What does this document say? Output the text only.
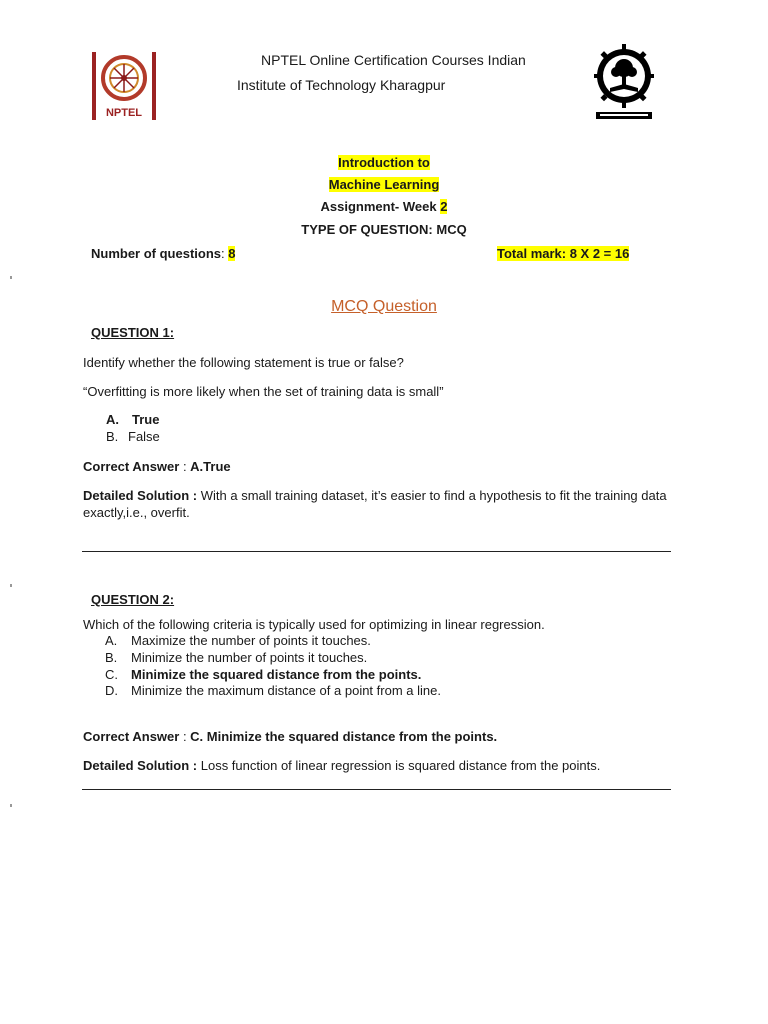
NPTEL
NPTEL Online Certification Courses Indian
Institute of Technology Kharagpur
Introduction to
Machine Learning
Assignment- Week 2
TYPE OF QUESTION: MCQ
Number of questions: 8	Total mark: 8 X 2 = 16
MCQ Question
QUESTION 1:
Identify whether the following statement is true or false?
“Overfitting is more likely when the set of training data is small”
A. True
B. False
Correct Answer : A.True
Detailed Solution : With a small training dataset, it’s easier to find a hypothesis to fit the training data exactly,i.e., overfit.
QUESTION 2:
Which of the following criteria is typically used for optimizing in linear regression.
A. Maximize the number of points it touches.
B. Minimize the number of points it touches.
C. Minimize the squared distance from the points.
D. Minimize the maximum distance of a point from a line.
Correct Answer : C. Minimize the squared distance from the points.
Detailed Solution : Loss function of linear regression is squared distance from the points.
